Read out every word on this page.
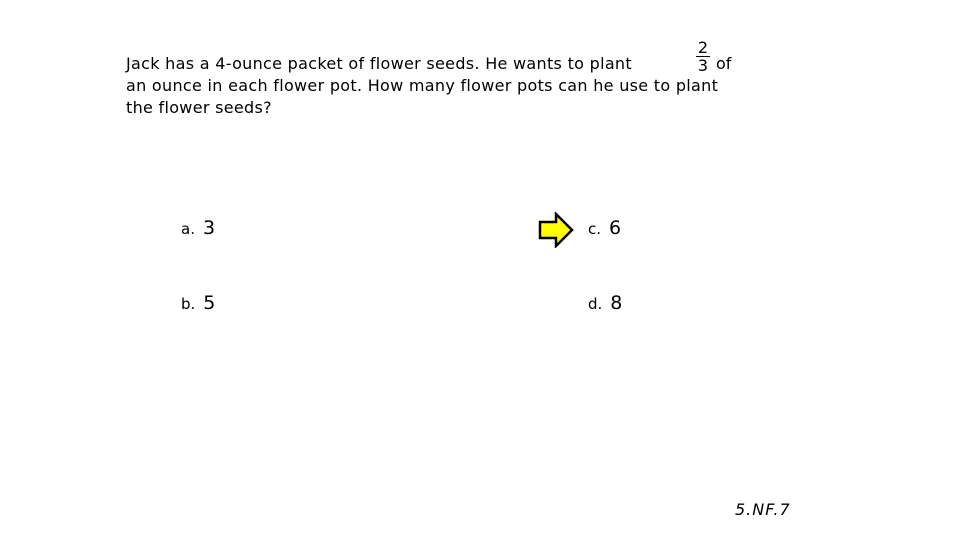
Jack has a 4-ounce packet of flower seeds. He wants to plant
an ounce in each flower pot. How many flower pots can he use to plant
the flower seeds?
2
3 of
a. 3
b. 5
c. 6
d. 8
5.NF.7
